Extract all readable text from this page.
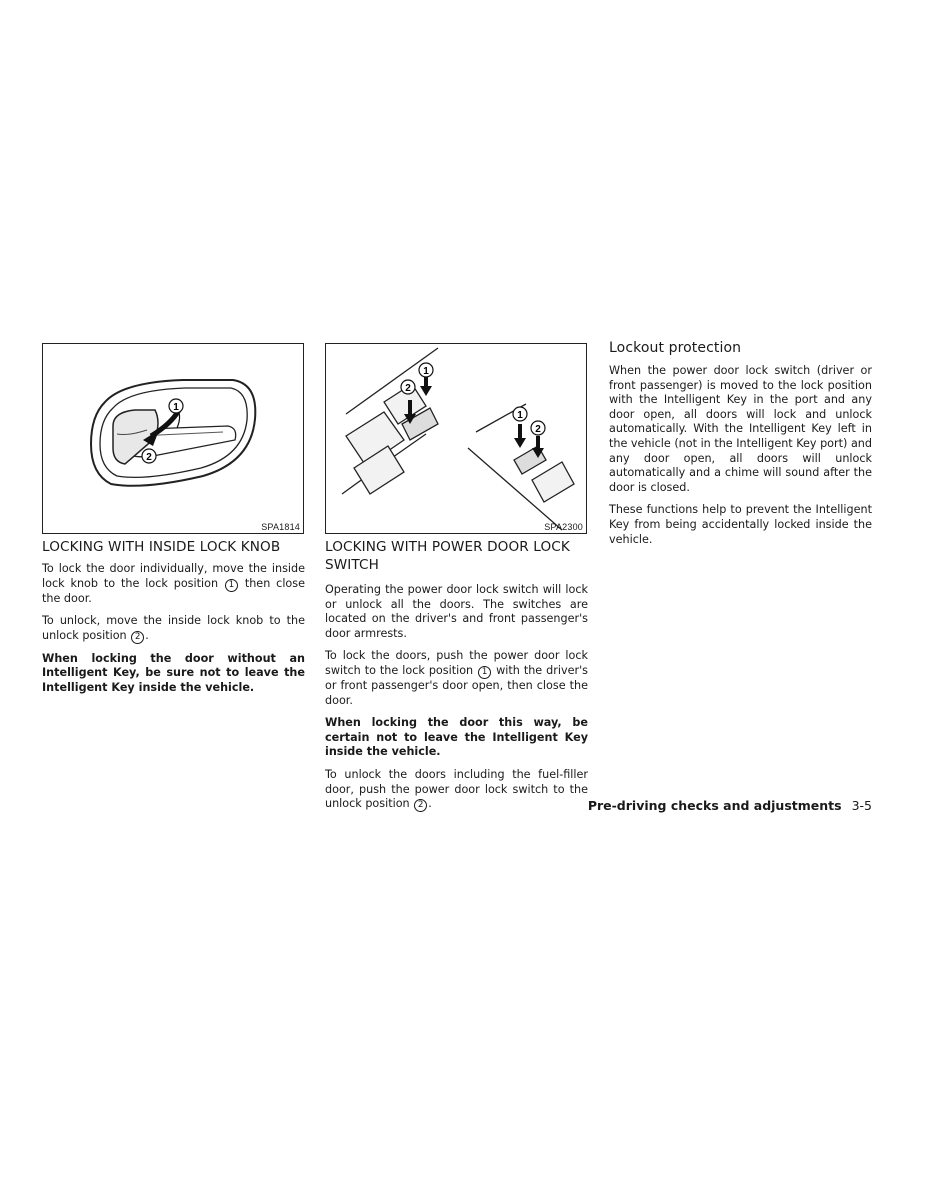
1
2
SPA1814
1
2
1
2
SPA2300
LOCKING WITH INSIDE LOCK KNOB

To lock the door individually, move the inside lock knob to the lock position 1 then close the door.

To unlock, move the inside lock knob to the unlock position 2 .

When locking the door without an Intelligent Key, be sure not to leave the Intelligent Key inside the vehicle.

LOCKING WITH POWER DOOR LOCK SWITCH

Operating the power door lock switch will lock or unlock all the doors. The switches are located on the driver's and front passenger's door armrests.

To lock the doors, push the power door lock switch to the lock position 1 with the driver's or front passenger's door open, then close the door.

When locking the door this way, be certain not to leave the Intelligent Key inside the vehicle.

To unlock the doors including the fuel-filler door, push the power door lock switch to the unlock position 2 .

Lockout protection

When the power door lock switch (driver or front passenger) is moved to the lock position with the Intelligent Key in the port and any door open, all doors will lock and unlock automatically. With the Intelligent Key left in the vehicle (not in the Intelligent Key port) and any door open, all doors will unlock automatically and a chime will sound after the door is closed.

These functions help to prevent the Intelligent Key from being accidentally locked inside the vehicle.

Pre-driving checks and adjustments 3-5
